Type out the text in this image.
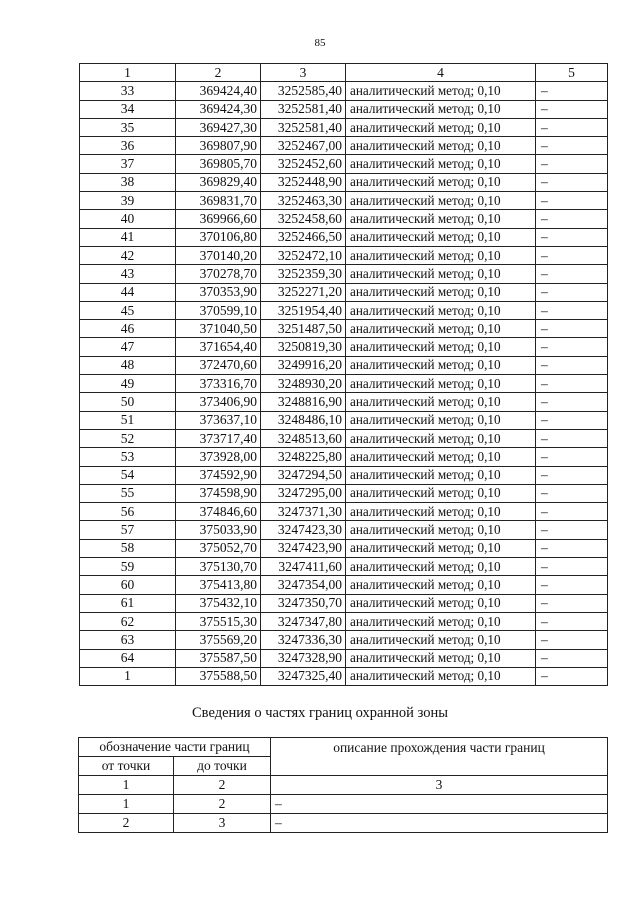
85
1	2	3	4	5
33	369424,40	3252585,40	аналитический метод; 0,10	–
34	369424,30	3252581,40	аналитический метод; 0,10	–
35	369427,30	3252581,40	аналитический метод; 0,10	–
36	369807,90	3252467,00	аналитический метод; 0,10	–
37	369805,70	3252452,60	аналитический метод; 0,10	–
38	369829,40	3252448,90	аналитический метод; 0,10	–
39	369831,70	3252463,30	аналитический метод; 0,10	–
40	369966,60	3252458,60	аналитический метод; 0,10	–
41	370106,80	3252466,50	аналитический метод; 0,10	–
42	370140,20	3252472,10	аналитический метод; 0,10	–
43	370278,70	3252359,30	аналитический метод; 0,10	–
44	370353,90	3252271,20	аналитический метод; 0,10	–
45	370599,10	3251954,40	аналитический метод; 0,10	–
46	371040,50	3251487,50	аналитический метод; 0,10	–
47	371654,40	3250819,30	аналитический метод; 0,10	–
48	372470,60	3249916,20	аналитический метод; 0,10	–
49	373316,70	3248930,20	аналитический метод; 0,10	–
50	373406,90	3248816,90	аналитический метод; 0,10	–
51	373637,10	3248486,10	аналитический метод; 0,10	–
52	373717,40	3248513,60	аналитический метод; 0,10	–
53	373928,00	3248225,80	аналитический метод; 0,10	–
54	374592,90	3247294,50	аналитический метод; 0,10	–
55	374598,90	3247295,00	аналитический метод; 0,10	–
56	374846,60	3247371,30	аналитический метод; 0,10	–
57	375033,90	3247423,30	аналитический метод; 0,10	–
58	375052,70	3247423,90	аналитический метод; 0,10	–
59	375130,70	3247411,60	аналитический метод; 0,10	–
60	375413,80	3247354,00	аналитический метод; 0,10	–
61	375432,10	3247350,70	аналитический метод; 0,10	–
62	375515,30	3247347,80	аналитический метод; 0,10	–
63	375569,20	3247336,30	аналитический метод; 0,10	–
64	375587,50	3247328,90	аналитический метод; 0,10	–
1	375588,50	3247325,40	аналитический метод; 0,10	–
Сведения о частях границ охранной зоны
обозначение части границ		описание прохождения части границ
от точки	до точки	
1	2	3
1	2	–
2	3	–
